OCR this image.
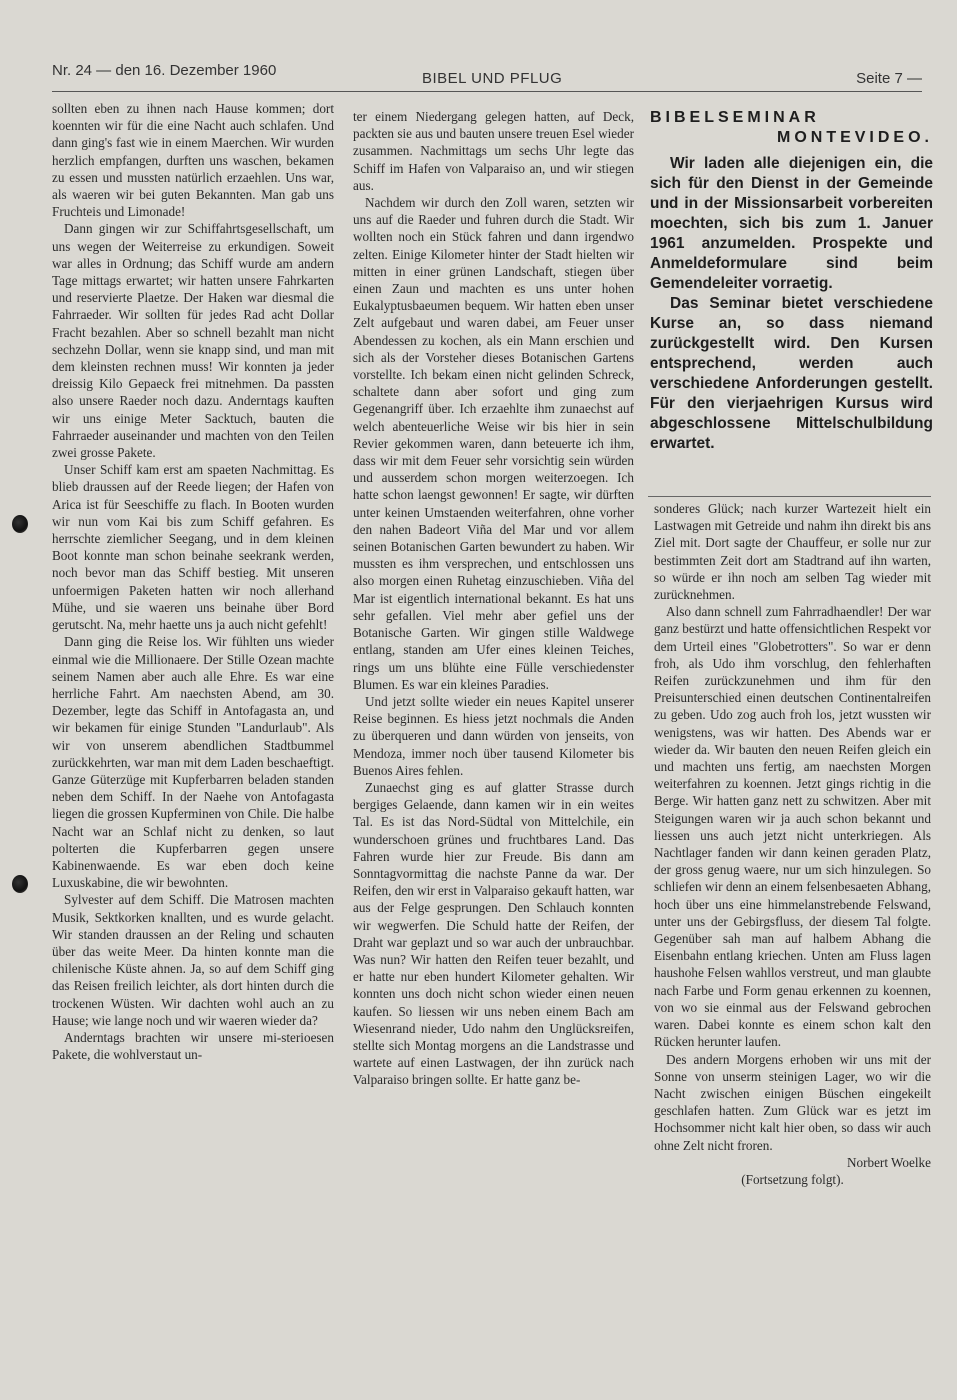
Nr. 24 — den 16. Dezember 1960	BIBEL UND PFLUG	Seite 7 —

sollten eben zu ihnen nach Hause kommen; dort koennten wir für die eine Nacht auch schlafen. Und dann ging's fast wie in einem Maerchen. Wir wurden herzlich empfangen, durften uns waschen, bekamen zu essen und mussten natürlich erzaehlen. Uns war, als waeren wir bei guten Bekannten. Man gab uns Fruchteis und Limonade!

Dann gingen wir zur Schiffahrtsgesellschaft, um uns wegen der Weiterreise zu erkundigen. Soweit war alles in Ordnung; das Schiff wurde am andern Tage mittags erwartet; wir hatten unsere Fahrkarten und reservierte Plaetze. Der Haken war diesmal die Fahrraeder. Wir sollten für jedes Rad acht Dollar Fracht bezahlen. Aber so schnell bezahlt man nicht sechzehn Dollar, wenn sie knapp sind, und man mit dem kleinsten rechnen muss! Wir konnten ja jeder dreissig Kilo Gepaeck frei mitnehmen. Da passten also unsere Raeder noch dazu. Anderntags kauften wir uns einige Meter Sacktuch, bauten die Fahrraeder auseinander und machten von den Teilen zwei grosse Pakete.

Unser Schiff kam erst am spaeten Nachmittag. Es blieb draussen auf der Reede liegen; der Hafen von Arica ist für Seeschiffe zu flach. In Booten wurden wir nun vom Kai bis zum Schiff gefahren. Es herrschte ziemlicher Seegang, und in dem kleinen Boot konnte man schon beinahe seekrank werden, noch bevor man das Schiff bestieg. Mit unseren unfoermigen Paketen hatten wir noch allerhand Mühe, und sie waeren uns beinahe über Bord gerutscht. Na, mehr haette uns ja auch nicht gefehlt!

Dann ging die Reise los. Wir fühlten uns wieder einmal wie die Millionaere. Der Stille Ozean machte seinem Namen aber auch alle Ehre. Es war eine herrliche Fahrt. Am naechsten Abend, am 30. Dezember, legte das Schiff in Antofagasta an, und wir bekamen für einige Stunden "Landurlaub". Als wir von unserem abendlichen Stadtbummel zurückkehrten, war man mit dem Laden beschaeftigt. Ganze Güterzüge mit Kupferbarren beladen standen neben dem Schiff. In der Naehe von Antofagasta liegen die grossen Kupferminen von Chile. Die halbe Nacht war an Schlaf nicht zu denken, so laut polterten die Kupferbarren gegen unsere Kabinenwaende. Es war eben doch keine Luxuskabine, die wir bewohnten.

Sylvester auf dem Schiff. Die Matrosen machten Musik, Sektkorken knallten, und es wurde gelacht. Wir standen draussen an der Reling und schauten über das weite Meer. Da hinten konnte man die chilenische Küste ahnen. Ja, so auf dem Schiff ging das Reisen freilich leichter, als dort hinten durch die trockenen Wüsten. Wir dachten wohl auch an zu Hause; wie lange noch und wir waeren wieder da?

Anderntags brachten wir unsere mi-sterioesen Pakete, die wohlverstaut un-

ter einem Niedergang gelegen hatten, auf Deck, packten sie aus und bauten unsere treuen Esel wieder zusammen. Nachmittags um sechs Uhr legte das Schiff im Hafen von Valparaiso an, und wir stiegen aus.

Nachdem wir durch den Zoll waren, setzten wir uns auf die Raeder und fuhren durch die Stadt. Wir wollten noch ein Stück fahren und dann irgendwo zelten. Einige Kilometer hinter der Stadt hielten wir mitten in einer grünen Landschaft, stiegen über einen Zaun und machten es uns unter hohen Eukalyptusbaeumen bequem. Wir hatten eben unser Zelt aufgebaut und waren dabei, am Feuer unser Abendessen zu kochen, als ein Mann erschien und sich als der Vorsteher dieses Botanischen Gartens vorstellte. Ich bekam einen nicht gelinden Schreck, schaltete dann aber sofort und ging zum Gegenangriff über. Ich erzaehlte ihm zunaechst auf welch abenteuerliche Weise wir bis hier in sein Revier gekommen waren, dann beteuerte ich ihm, dass wir mit dem Feuer sehr vorsichtig sein würden und ausserdem schon morgen weiterzoegen. Ich hatte schon laengst gewonnen! Er sagte, wir dürften unter keinen Umstaenden weiterfahren, ohne vorher den nahen Badeort Viña del Mar und vor allem seinen Botanischen Garten bewundert zu haben. Wir mussten es ihm versprechen, und entschlossen uns also morgen einen Ruhetag einzuschieben. Viña del Mar ist eigentlich international bekannt. Es hat uns sehr gefallen. Viel mehr aber gefiel uns der Botanische Garten. Wir gingen stille Waldwege entlang, standen am Ufer eines kleinen Teiches, rings um uns blühte eine Fülle verschiedenster Blumen. Es war ein kleines Paradies.

Und jetzt sollte wieder ein neues Kapitel unserer Reise beginnen. Es hiess jetzt nochmals die Anden zu überqueren und dann würden von jenseits, von Mendoza, immer noch über tausend Kilometer bis Buenos Aires fehlen.

Zunaechst ging es auf glatter Strasse durch bergiges Gelaende, dann kamen wir in ein weites Tal. Es ist das Nord-Südtal von Mittelchile, ein wunderschoen grünes und fruchtbares Land. Das Fahren wurde hier zur Freude. Bis dann am Sonntagvormittag die nachste Panne da war. Der Reifen, den wir erst in Valparaiso gekauft hatten, war aus der Felge gesprungen. Den Schlauch konnten wir wegwerfen. Die Schuld hatte der Reifen, der Draht war geplazt und so war auch der unbrauchbar. Was nun? Wir hatten den Reifen teuer bezahlt, und er hatte nur eben hundert Kilometer gehalten. Wir konnten uns doch nicht schon wieder einen neuen kaufen. So liessen wir uns neben einem Bach am Wiesenrand nieder, Udo nahm den Unglücksreifen, stellte sich Montag morgens an die Landstrasse und wartete auf einen Lastwagen, der ihn zurück nach Valparaiso bringen sollte. Er hatte ganz be-

BIBELSEMINAR
MONTEVIDEO.

Wir laden alle diejenigen ein, die sich für den Dienst in der Gemeinde und in der Missionsarbeit vorbereiten moechten, sich bis zum 1. Januer 1961 anzumelden. Prospekte und Anmeldeformulare sind beim Gemendeleiter vorraetig.

Das Seminar bietet verschiedene Kurse an, so dass niemand zurückgestellt wird. Den Kursen entsprechend, werden auch verschiedene Anforderungen gestellt. Für den vierjaehrigen Kursus wird abgeschlossene Mittelschulbildung erwartet.

sonderes Glück; nach kurzer Wartezeit hielt ein Lastwagen mit Getreide und nahm ihn direkt bis ans Ziel mit. Dort sagte der Chauffeur, er solle nur zur bestimmten Zeit dort am Stadtrand auf ihn warten, so würde er ihn noch am selben Tag wieder mit zurücknehmen.

Also dann schnell zum Fahrradhaendler! Der war ganz bestürzt und hatte offensichtlichen Respekt vor dem Urteil eines "Globetrotters". So war er denn froh, als Udo ihm vorschlug, den fehlerhaften Reifen zurückzunehmen und ihm für den Preisunterschied einen deutschen Continentalreifen zu geben. Udo zog auch froh los, jetzt wussten wir wenigstens, was wir hatten. Des Abends war er wieder da. Wir bauten den neuen Reifen gleich ein und machten uns fertig, am naechsten Morgen weiterfahren zu koennen. Jetzt gings richtig in die Berge. Wir hatten ganz nett zu schwitzen. Aber mit Steigungen waren wir ja auch schon bekannt und liessen uns auch jetzt nicht unterkriegen. Als Nachtlager fanden wir dann keinen geraden Platz, der gross genug waere, nur um sich hinzulegen. So schliefen wir denn an einem felsenbesaeten Abhang, hoch über uns eine himmelanstrebende Felswand, unter uns der Gebirgsfluss, der diesem Tal folgte. Gegenüber sah man auf halbem Abhang die Eisenbahn entlang kriechen. Unten am Fluss lagen haushohe Felsen wahllos verstreut, und man glaubte nach Farbe und Form genau erkennen zu koennen, von wo sie einmal aus der Felswand gebrochen waren. Dabei konnte es einem schon kalt den Rücken herunter laufen.

Des andern Morgens erhoben wir uns mit der Sonne von unserm steinigen Lager, wo wir die Nacht zwischen einigen Büschen eingekeilt geschlafen hatten. Zum Glück war es jetzt im Hochsommer nicht kalt hier oben, so dass wir auch ohne Zelt nicht froren.

Norbert Woelke

(Fortsetzung folgt).
